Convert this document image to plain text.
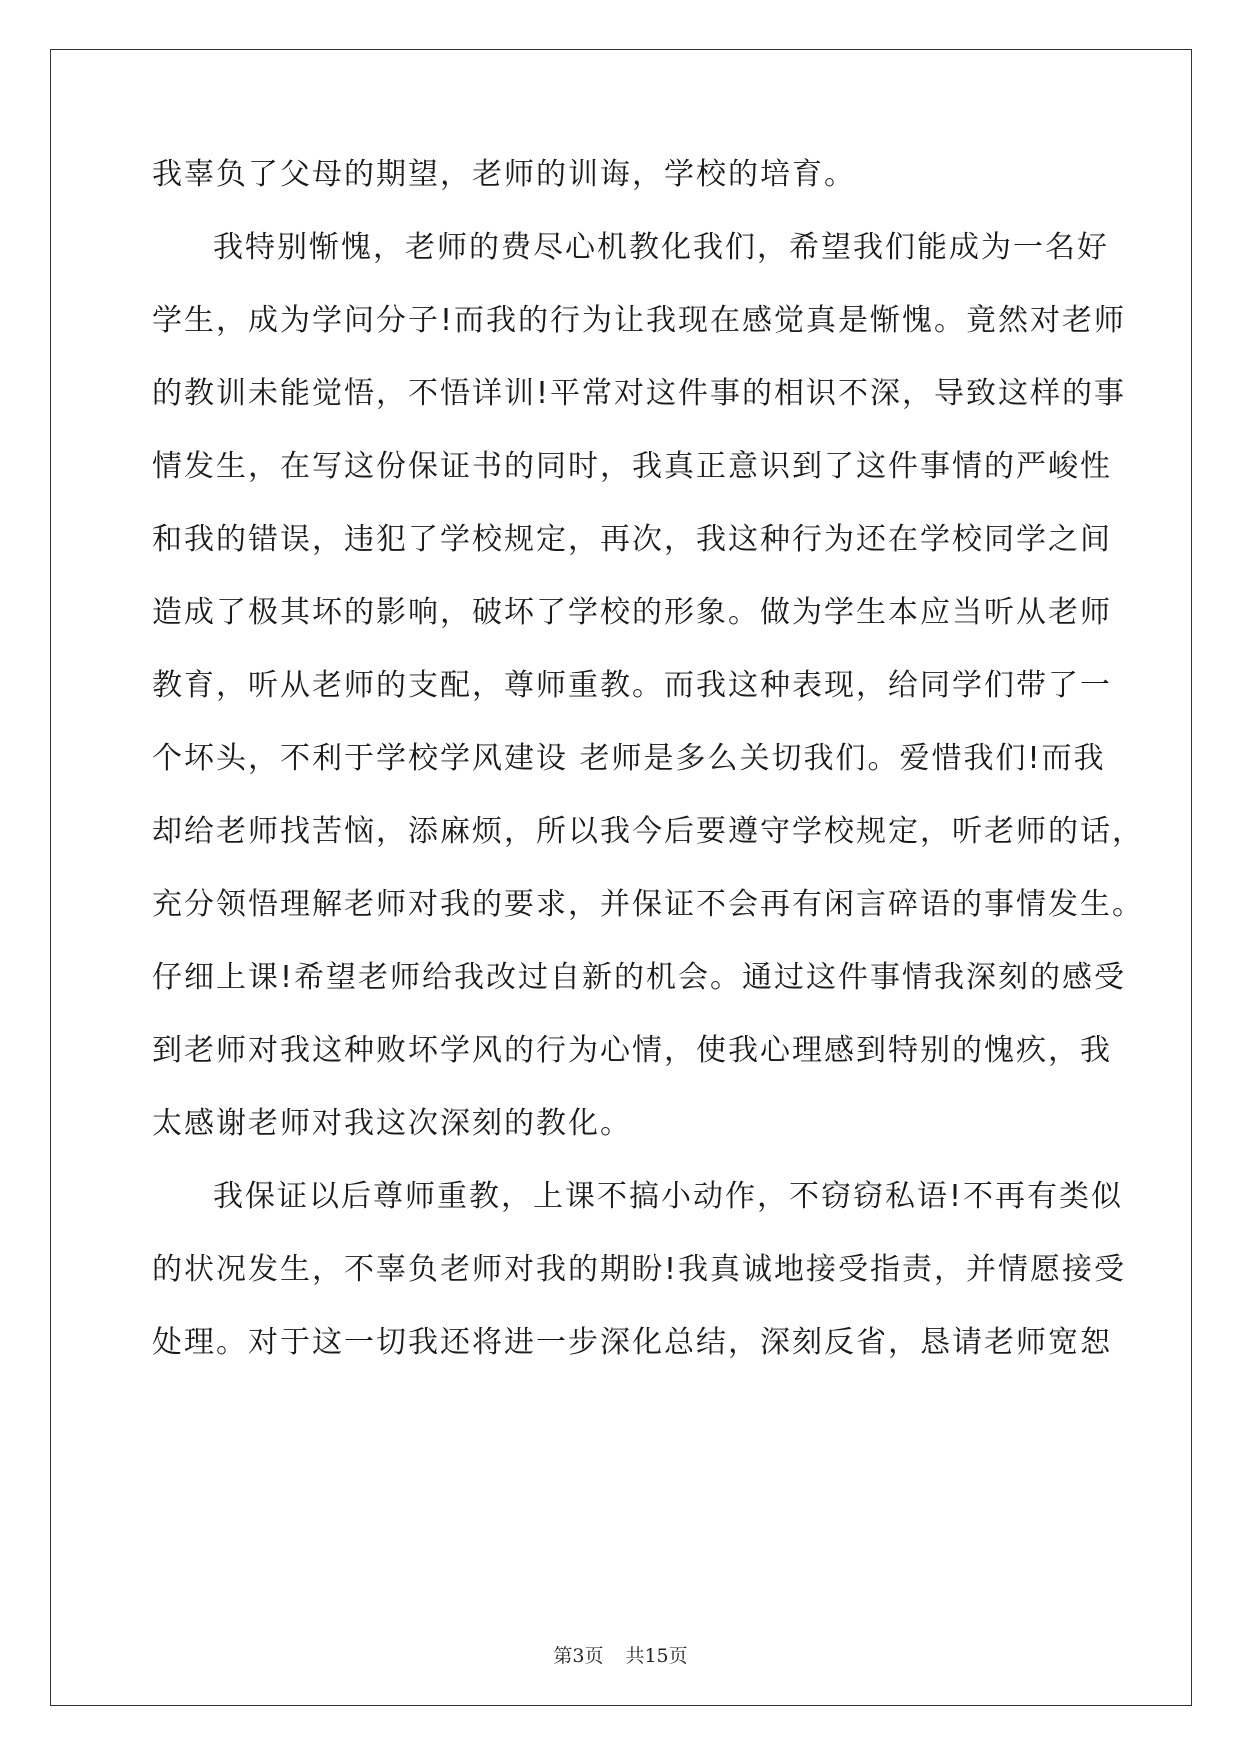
我辜负了父母的期望，老师的训诲，学校的培育。
我特别惭愧，老师的费尽心机教化我们，希望我们能成为一名好
学生，成为学问分子!而我的行为让我现在感觉真是惭愧。竟然对老师
的教训未能觉悟，不悟详训!平常对这件事的相识不深，导致这样的事
情发生，在写这份保证书的同时，我真正意识到了这件事情的严峻性
和我的错误，违犯了学校规定，再次，我这种行为还在学校同学之间
造成了极其坏的影响，破坏了学校的形象。做为学生本应当听从老师
教育，听从老师的支配，尊师重教。而我这种表现，给同学们带了一
个坏头，不利于学校学风建设 老师是多么关切我们。爱惜我们!而我
却给老师找苦恼，添麻烦，所以我今后要遵守学校规定，听老师的话，
充分领悟理解老师对我的要求，并保证不会再有闲言碎语的事情发生。
仔细上课!希望老师给我改过自新的机会。通过这件事情我深刻的感受
到老师对我这种败坏学风的行为心情，使我心理感到特别的愧疚，我
太感谢老师对我这次深刻的教化。
我保证以后尊师重教，上课不搞小动作，不窃窃私语!不再有类似
的状况发生，不辜负老师对我的期盼!我真诚地接受指责，并情愿接受
处理。对于这一切我还将进一步深化总结，深刻反省，恳请老师宽恕
第3页 共15页
